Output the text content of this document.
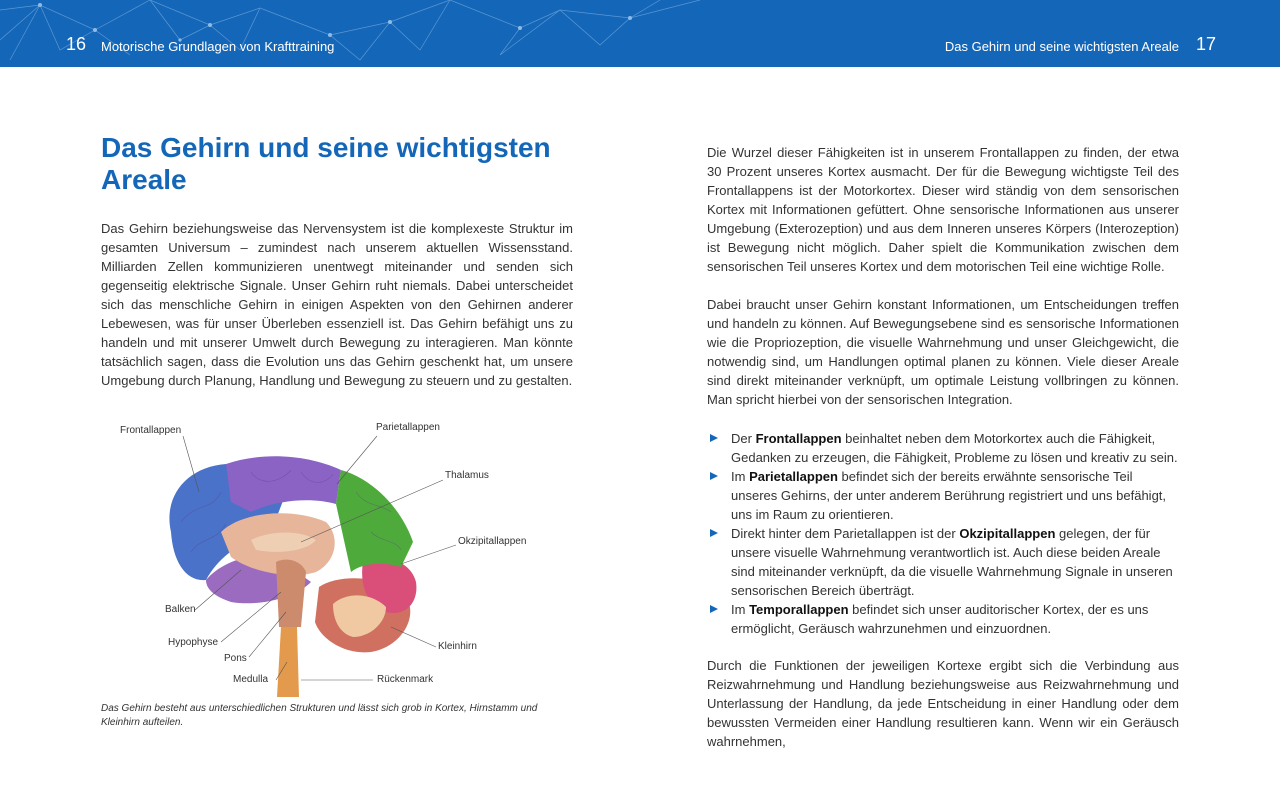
16 Motorische Grundlagen von Krafttraining	Das Gehirn und seine wichtigsten Areale 17
Das Gehirn und seine wichtigsten Areale

Das Gehirn beziehungsweise das Nervensystem ist die komplexeste Struktur im gesamten Universum – zumindest nach unserem aktuellen Wissensstand. Milliarden Zellen kommunizieren unentwegt miteinander und senden sich gegenseitig elektrische Signale. Unser Gehirn ruht niemals. Dabei unterscheidet sich das menschliche Gehirn in einigen Aspekten von den Gehirnen anderer Lebewesen, was für unser Überleben essenziell ist. Das Gehirn befähigt uns zu handeln und mit unserer Umwelt durch Bewegung zu interagieren. Man könnte tatsächlich sagen, dass die Evolution uns das Gehirn geschenkt hat, um unsere Umgebung durch Planung, Handlung und Bewegung zu steuern und zu gestalten.

Frontallappen	Parietallappen
Thalamus
Okzipitallappen
Balken
Hypophyse
Pons
Kleinhirn
Medulla	Rückenmark

Das Gehirn besteht aus unterschiedlichen Strukturen und lässt sich grob in Kortex, Hirnstamm und Kleinhirn aufteilen.

Die Wurzel dieser Fähigkeiten ist in unserem Frontallappen zu finden, der etwa 30 Prozent unseres Kortex ausmacht. Der für die Bewegung wichtigste Teil des Frontallappens ist der Motorkortex. Dieser wird ständig von dem sensorischen Kortex mit Informationen gefüttert. Ohne sensorische Informationen aus unserer Umgebung (Exterozeption) und aus dem Inneren unseres Körpers (Interozeption) ist Bewegung nicht möglich. Daher spielt die Kommunikation zwischen dem sensorischen Teil unseres Kortex und dem motorischen Teil eine wichtige Rolle.

Dabei braucht unser Gehirn konstant Informationen, um Entscheidungen treffen und handeln zu können. Auf Bewegungsebene sind es sensorische Informationen wie die Propriozeption, die visuelle Wahrnehmung und unser Gleichgewicht, die notwendig sind, um Handlungen optimal planen zu können. Viele dieser Areale sind direkt miteinander verknüpft, um optimale Leistung vollbringen zu können. Man spricht hierbei von der sensorischen Integration.

Der Frontallappen beinhaltet neben dem Motorkortex auch die Fähigkeit, Gedanken zu erzeugen, die Fähigkeit, Probleme zu lösen und kreativ zu sein.
Im Parietallappen befindet sich der bereits erwähnte sensorische Teil unseres Gehirns, der unter anderem Berührung registriert und uns befähigt, uns im Raum zu orientieren.
Direkt hinter dem Parietallappen ist der Okzipitallappen gelegen, der für unsere visuelle Wahrnehmung verantwortlich ist. Auch diese beiden Areale sind miteinander verknüpft, da die visuelle Wahrnehmung Signale in unseren sensorischen Bereich überträgt.
Im Temporallappen befindet sich unser auditorischer Kortex, der es uns ermöglicht, Geräusch wahrzunehmen und einzuordnen.

Durch die Funktionen der jeweiligen Kortexe ergibt sich die Verbindung aus Reizwahrnehmung und Handlung beziehungsweise aus Reizwahrnehmung und Unterlassung der Handlung, da jede Entscheidung in einer Handlung oder dem bewussten Vermeiden einer Handlung resultieren kann. Wenn wir ein Geräusch wahrnehmen,
